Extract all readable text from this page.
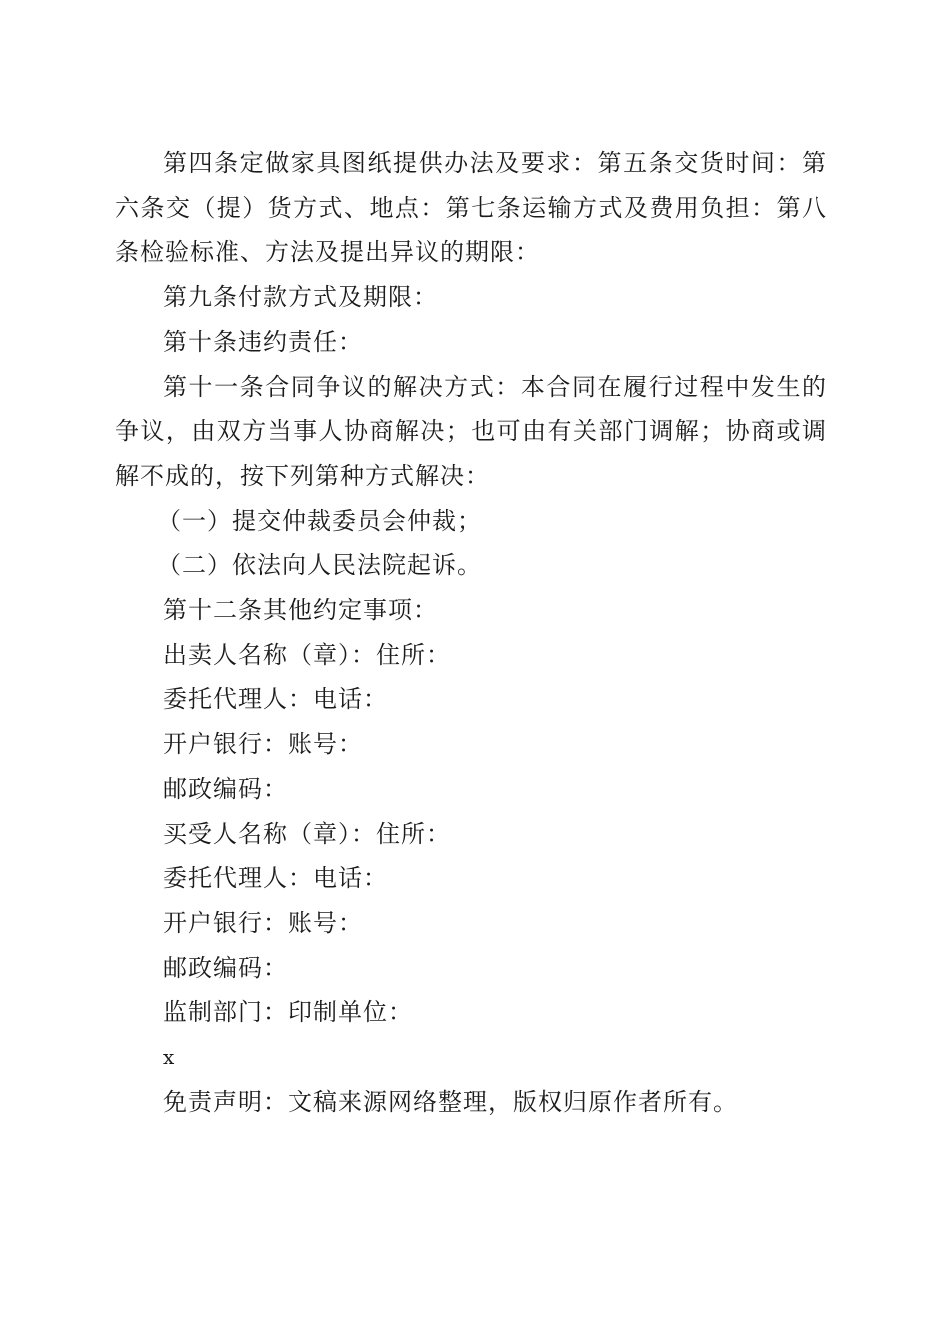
第四条定做家具图纸提供办法及要求：第五条交货时间：第六条交（提）货方式、地点：第七条运输方式及费用负担：第八条检验标准、方法及提出异议的期限：

第九条付款方式及期限：

第十条违约责任：

第十一条合同争议的解决方式：本合同在履行过程中发生的争议，由双方当事人协商解决；也可由有关部门调解；协商或调解不成的，按下列第种方式解决：

（一）提交仲裁委员会仲裁；

（二）依法向人民法院起诉。

第十二条其他约定事项：

出卖人名称（章）：住所：

委托代理人：电话：

开户银行：账号：

邮政编码：

买受人名称（章）：住所：

委托代理人：电话：

开户银行：账号：

邮政编码：

监制部门：印制单位：

x

免责声明：文稿来源网络整理，版权归原作者所有。
